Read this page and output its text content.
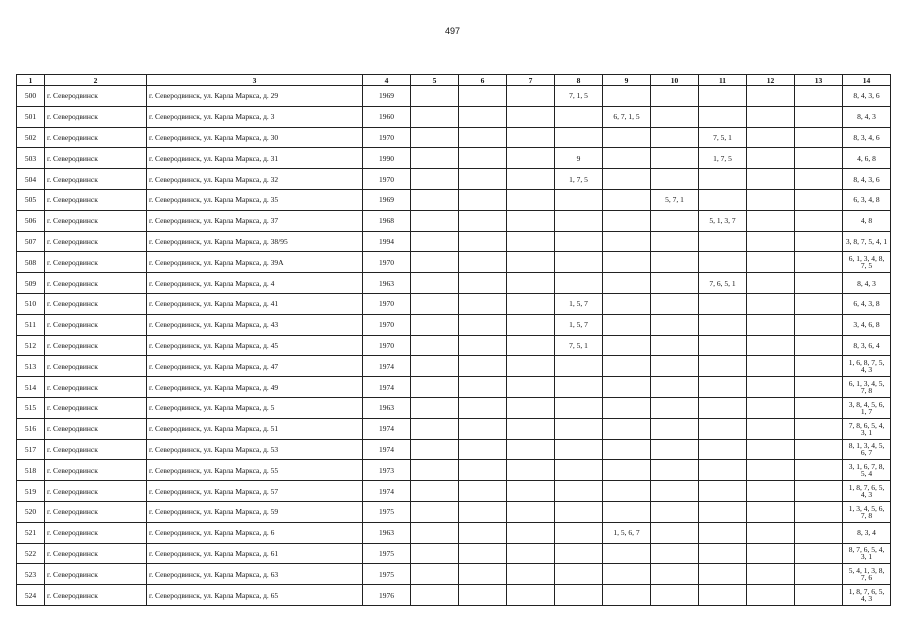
497
1	2	3	4	5	6	7	8	9	10	11	12	13	14
500	г. Северодвинск	г. Северодвинск, ул. Карла Маркса, д. 29	1969				7, 1, 5						8, 4, 3, 6
501	г. Северодвинск	г. Северодвинск, ул. Карла Маркса, д. 3	1960					6, 7, 1, 5					8, 4, 3
502	г. Северодвинск	г. Северодвинск, ул. Карла Маркса, д. 30	1970							7, 5, 1			8, 3, 4, 6
503	г. Северодвинск	г. Северодвинск, ул. Карла Маркса, д. 31	1990				9			1, 7, 5			4, 6, 8
504	г. Северодвинск	г. Северодвинск, ул. Карла Маркса, д. 32	1970				1, 7, 5						8, 4, 3, 6
505	г. Северодвинск	г. Северодвинск, ул. Карла Маркса, д. 35	1969						5, 7, 1				6, 3, 4, 8
506	г. Северодвинск	г. Северодвинск, ул. Карла Маркса, д. 37	1968							5, 1, 3, 7			4, 8
507	г. Северодвинск	г. Северодвинск, ул. Карла Маркса, д. 38/95	1994										3, 8, 7, 5, 4, 1
508	г. Северодвинск	г. Северодвинск, ул. Карла Маркса, д. 39А	1970										6, 1, 3, 4, 8, 7, 5
509	г. Северодвинск	г. Северодвинск, ул. Карла Маркса, д. 4	1963							7, 6, 5, 1			8, 4, 3
510	г. Северодвинск	г. Северодвинск, ул. Карла Маркса, д. 41	1970				1, 5, 7						6, 4, 3, 8
511	г. Северодвинск	г. Северодвинск, ул. Карла Маркса, д. 43	1970				1, 5, 7						3, 4, 6, 8
512	г. Северодвинск	г. Северодвинск, ул. Карла Маркса, д. 45	1970				7, 5, 1						8, 3, 6, 4
513	г. Северодвинск	г. Северодвинск, ул. Карла Маркса, д. 47	1974										1, 6, 8, 7, 5, 4, 3
514	г. Северодвинск	г. Северодвинск, ул. Карла Маркса, д. 49	1974										6, 1, 3, 4, 5, 7, 8
515	г. Северодвинск	г. Северодвинск, ул. Карла Маркса, д. 5	1963										3, 8, 4, 5, 6, 1, 7
516	г. Северодвинск	г. Северодвинск, ул. Карла Маркса, д. 51	1974										7, 8, 6, 5, 4, 3, 1
517	г. Северодвинск	г. Северодвинск, ул. Карла Маркса, д. 53	1974										8, 1, 3, 4, 5, 6, 7
518	г. Северодвинск	г. Северодвинск, ул. Карла Маркса, д. 55	1973										3, 1, 6, 7, 8, 5, 4
519	г. Северодвинск	г. Северодвинск, ул. Карла Маркса, д. 57	1974										1, 8, 7, 6, 5, 4, 3
520	г. Северодвинск	г. Северодвинск, ул. Карла Маркса, д. 59	1975										1, 3, 4, 5, 6, 7, 8
521	г. Северодвинск	г. Северодвинск, ул. Карла Маркса, д. 6	1963					1, 5, 6, 7					8, 3, 4
522	г. Северодвинск	г. Северодвинск, ул. Карла Маркса, д. 61	1975										8, 7, 6, 5, 4, 3, 1
523	г. Северодвинск	г. Северодвинск, ул. Карла Маркса, д. 63	1975										5, 4, 1, 3, 8, 7, 6
524	г. Северодвинск	г. Северодвинск, ул. Карла Маркса, д. 65	1976										1, 8, 7, 6, 5, 4, 3
